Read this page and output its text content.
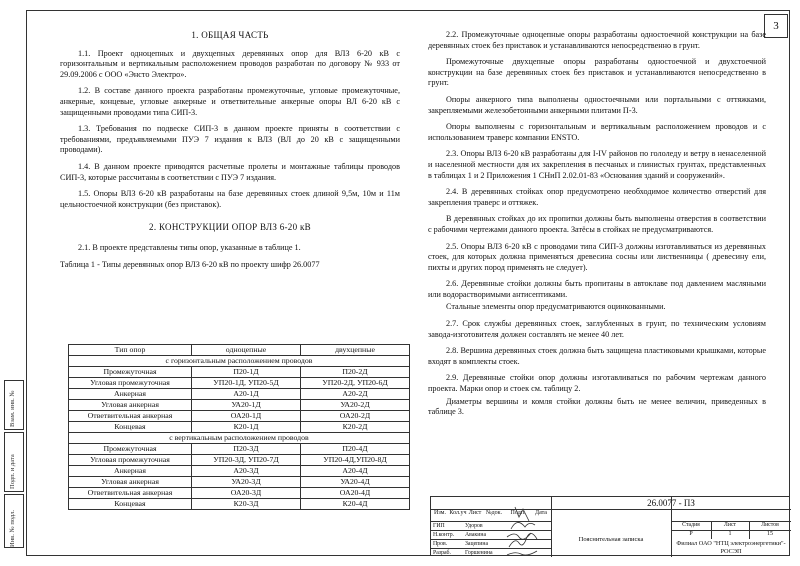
3
Взам. инв. №
Подп. и дата
Инв. № подл.
1. ОБЩАЯ ЧАСТЬ

1.1. Проект одноцепных и двухцепных деревянных опор для ВЛЗ 6-20 кВ с горизонтальным и вертикальным расположением проводов разработан по договору № 933 от 29.09.2006 с ООО «Энсто Электро».

1.2. В составе данного проекта разработаны промежуточные, угловые промежуточные, анкерные, концевые, угловые анкерные и ответвительные анкерные опоры ВЛ 6-20 кВ с защищенными проводами типа СИП-3.

1.3. Требования по подвеске СИП-3 в данном проекте приняты в соответствии с требованиями, предъявляемыми ПУЭ 7 издания к ВЛЗ (ВЛ до 20 кВ с защищенными проводами).

1.4. В данном проекте приводятся расчетные пролеты и монтажные таблицы проводов СИП-3, которые рассчитаны в соответствии с ПУЭ 7 издания.

1.5. Опоры ВЛЗ 6-20 кВ разработаны на базе деревянных стоек длиной 9,5м, 10м и 11м цельностоечной конструкции (без приставок).

2. КОНСТРУКЦИИ ОПОР ВЛЗ 6-20 кВ

2.1. В проекте представлены типы опор, указанные в таблице 1.

Таблица 1 - Типы деревянных опор ВЛЗ 6-20 кВ по проекту шифр 26.0077

Тип опор	одноцепные	двухцепные
с горизонтальным расположением проводов		
Промежуточная	П20-1Д	П20-2Д
Угловая промежуточная	УП20-1Д, УП20-5Д	УП20-2Д, УП20-6Д
Анкерная	А20-1Д	А20-2Д
Угловая анкерная	УА20-1Д	УА20-2Д
Ответвительная анкерная	ОА20-1Д	ОА20-2Д
Концевая	К20-1Д	К20-2Д
с вертикальным расположением проводов		
Промежуточная	П20-3Д	П20-4Д
Угловая промежуточная	УП20-3Д, УП20-7Д	УП20-4Д,УП20-8Д
Анкерная	А20-3Д	А20-4Д
Угловая анкерная	УА20-3Д	УА20-4Д
Ответвительная анкерная	ОА20-3Д	ОА20-4Д
Концевая	К20-3Д	К20-4Д

2.2. Промежуточные одноцепные опоры разработаны одностоечной конструкции на базе деревянных стоек без приставок и устанавливаются непосредственно в грунт.

Промежуточные двухцепные опоры разработаны одностоечной и двухстоечной конструкции на базе деревянных стоек без приставок и устанавливаются непосредственно в грунт.

Опоры анкерного типа выполнены одностоечными или портальными с оттяжками, закрепляемыми железобетонными анкерными плитами П-3.

Опоры выполнены с горизонтальным и вертикальным расположением проводов и с использованием траверс компании ENSTO.

2.3. Опоры ВЛЗ 6-20 кВ разработаны для I-IV районов по гололеду и ветру в ненаселенной и населенной местности для их закрепления в песчаных и глинистых грунтах, представленных в таблицах 1 и 2 Приложения 1 СНиП 2.02.01-83 «Основания зданий и сооружений».

2.4. В деревянных стойках опор предусмотрено необходимое количество отверстий для закрепления траверс и оттяжек.

В деревянных стойках до их пропитки должны быть выполнены отверстия в соответствии с рабочими чертежами данного проекта. Затёсы в стойках не предусматриваются.

2.5. Опоры ВЛЗ 6-20 кВ с проводами типа СИП-3 должны изготавливаться из деревянных стоек, для которых должна применяться древесина сосны или лиственницы ( древесину ели, пихты и других пород применять не следует).

2.6. Деревянные стойки должны быть пропитаны в автоклаве под давлением масляными или водорастворимыми антисептиками.

Стальные элементы опор предусматриваются оцинкованными.

2.7. Срок службы деревянных стоек, заглубленных в грунт, по техническим условиям завода-изготовителя должен составлять не менее 40 лет.

2.8. Вершина деревянных стоек должна быть защищена пластиковыми крышками, которые входят в комплекты стоек.

2.9. Деревянные стойки опор должны изготавливаться по рабочим чертежам данного проекта. Марки опор и стоек см. таблицу 2.

Диаметры вершины и комля стойки должны быть не менее величин, приведенных в таблице 3.

Изм. Кол.уч Лист №док.	Подп.	Дата
ГИП	Удоров
Н.контр.	Авакина
Пров.	Зацепина
Разраб.	Горшенина
26.0077 - ПЗ
Пояснительная записка
Стадия	Лист	Листов
Р	1	15
Филиал ОАО "НТЦ электроэнергетики"- РОСЭП
